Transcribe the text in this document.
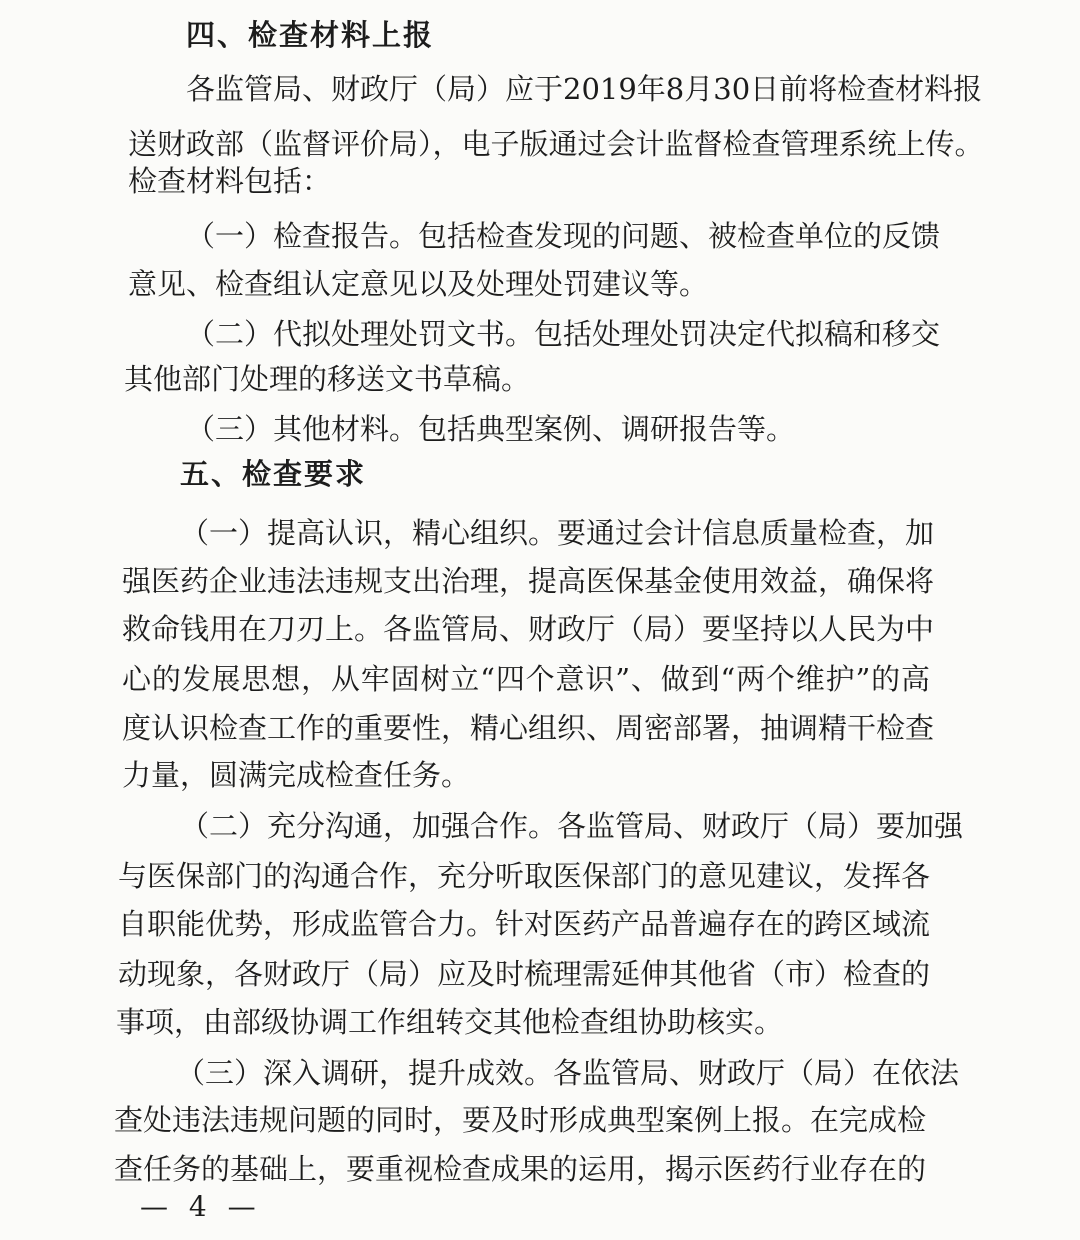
四、检查材料上报

各监管局、财政厅（局）应于2019年8月30日前将检查材料报

送财政部（监督评价局），电子版通过会计监督检查管理系统上传。

检查材料包括：

（一）检查报告。包括检查发现的问题、被检查单位的反馈

意见、检查组认定意见以及处理处罚建议等。

（二）代拟处理处罚文书。包括处理处罚决定代拟稿和移交

其他部门处理的移送文书草稿。

（三）其他材料。包括典型案例、调研报告等。

五、检查要求

（一）提高认识，精心组织。要通过会计信息质量检查，加

强医药企业违法违规支出治理，提高医保基金使用效益，确保将

救命钱用在刀刃上。各监管局、财政厅（局）要坚持以人民为中

心的发展思想，从牢固树立“四个意识”、做到“两个维护”的高

度认识检查工作的重要性，精心组织、周密部署，抽调精干检查

力量，圆满完成检查任务。

（二）充分沟通，加强合作。各监管局、财政厅（局）要加强

与医保部门的沟通合作，充分听取医保部门的意见建议，发挥各

自职能优势，形成监管合力。针对医药产品普遍存在的跨区域流

动现象，各财政厅（局）应及时梳理需延伸其他省（市）检查的

事项，由部级协调工作组转交其他检查组协助核实。

（三）深入调研，提升成效。各监管局、财政厅（局）在依法

查处违法违规问题的同时，要及时形成典型案例上报。在完成检

查任务的基础上，要重视检查成果的运用，揭示医药行业存在的

— 4 —
